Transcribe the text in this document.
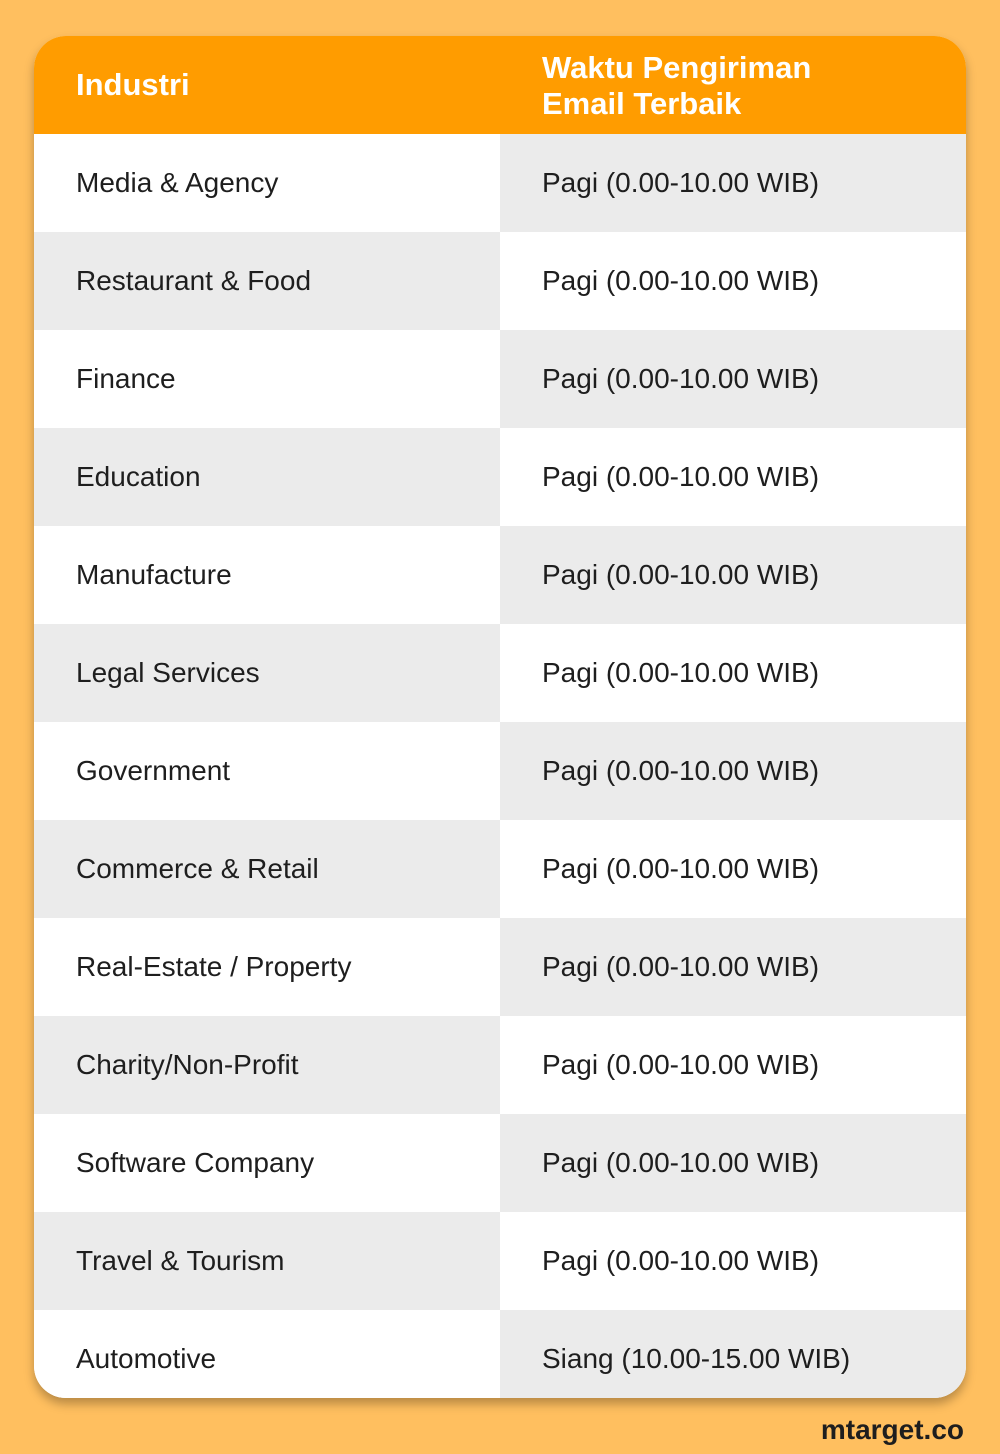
Industri	Waktu Pengiriman
Email Terbaik
Media & Agency	Pagi (0.00-10.00 WIB)
Restaurant & Food	Pagi (0.00-10.00 WIB)
Finance	Pagi (0.00-10.00 WIB)
Education	Pagi (0.00-10.00 WIB)
Manufacture	Pagi (0.00-10.00 WIB)
Legal Services	Pagi (0.00-10.00 WIB)
Government	Pagi (0.00-10.00 WIB)
Commerce & Retail	Pagi (0.00-10.00 WIB)
Real-Estate / Property	Pagi (0.00-10.00 WIB)
Charity/Non-Profit	Pagi (0.00-10.00 WIB)
Software Company	Pagi (0.00-10.00 WIB)
Travel & Tourism	Pagi (0.00-10.00 WIB)
Automotive	Siang (10.00-15.00 WIB)
mtarget.co
